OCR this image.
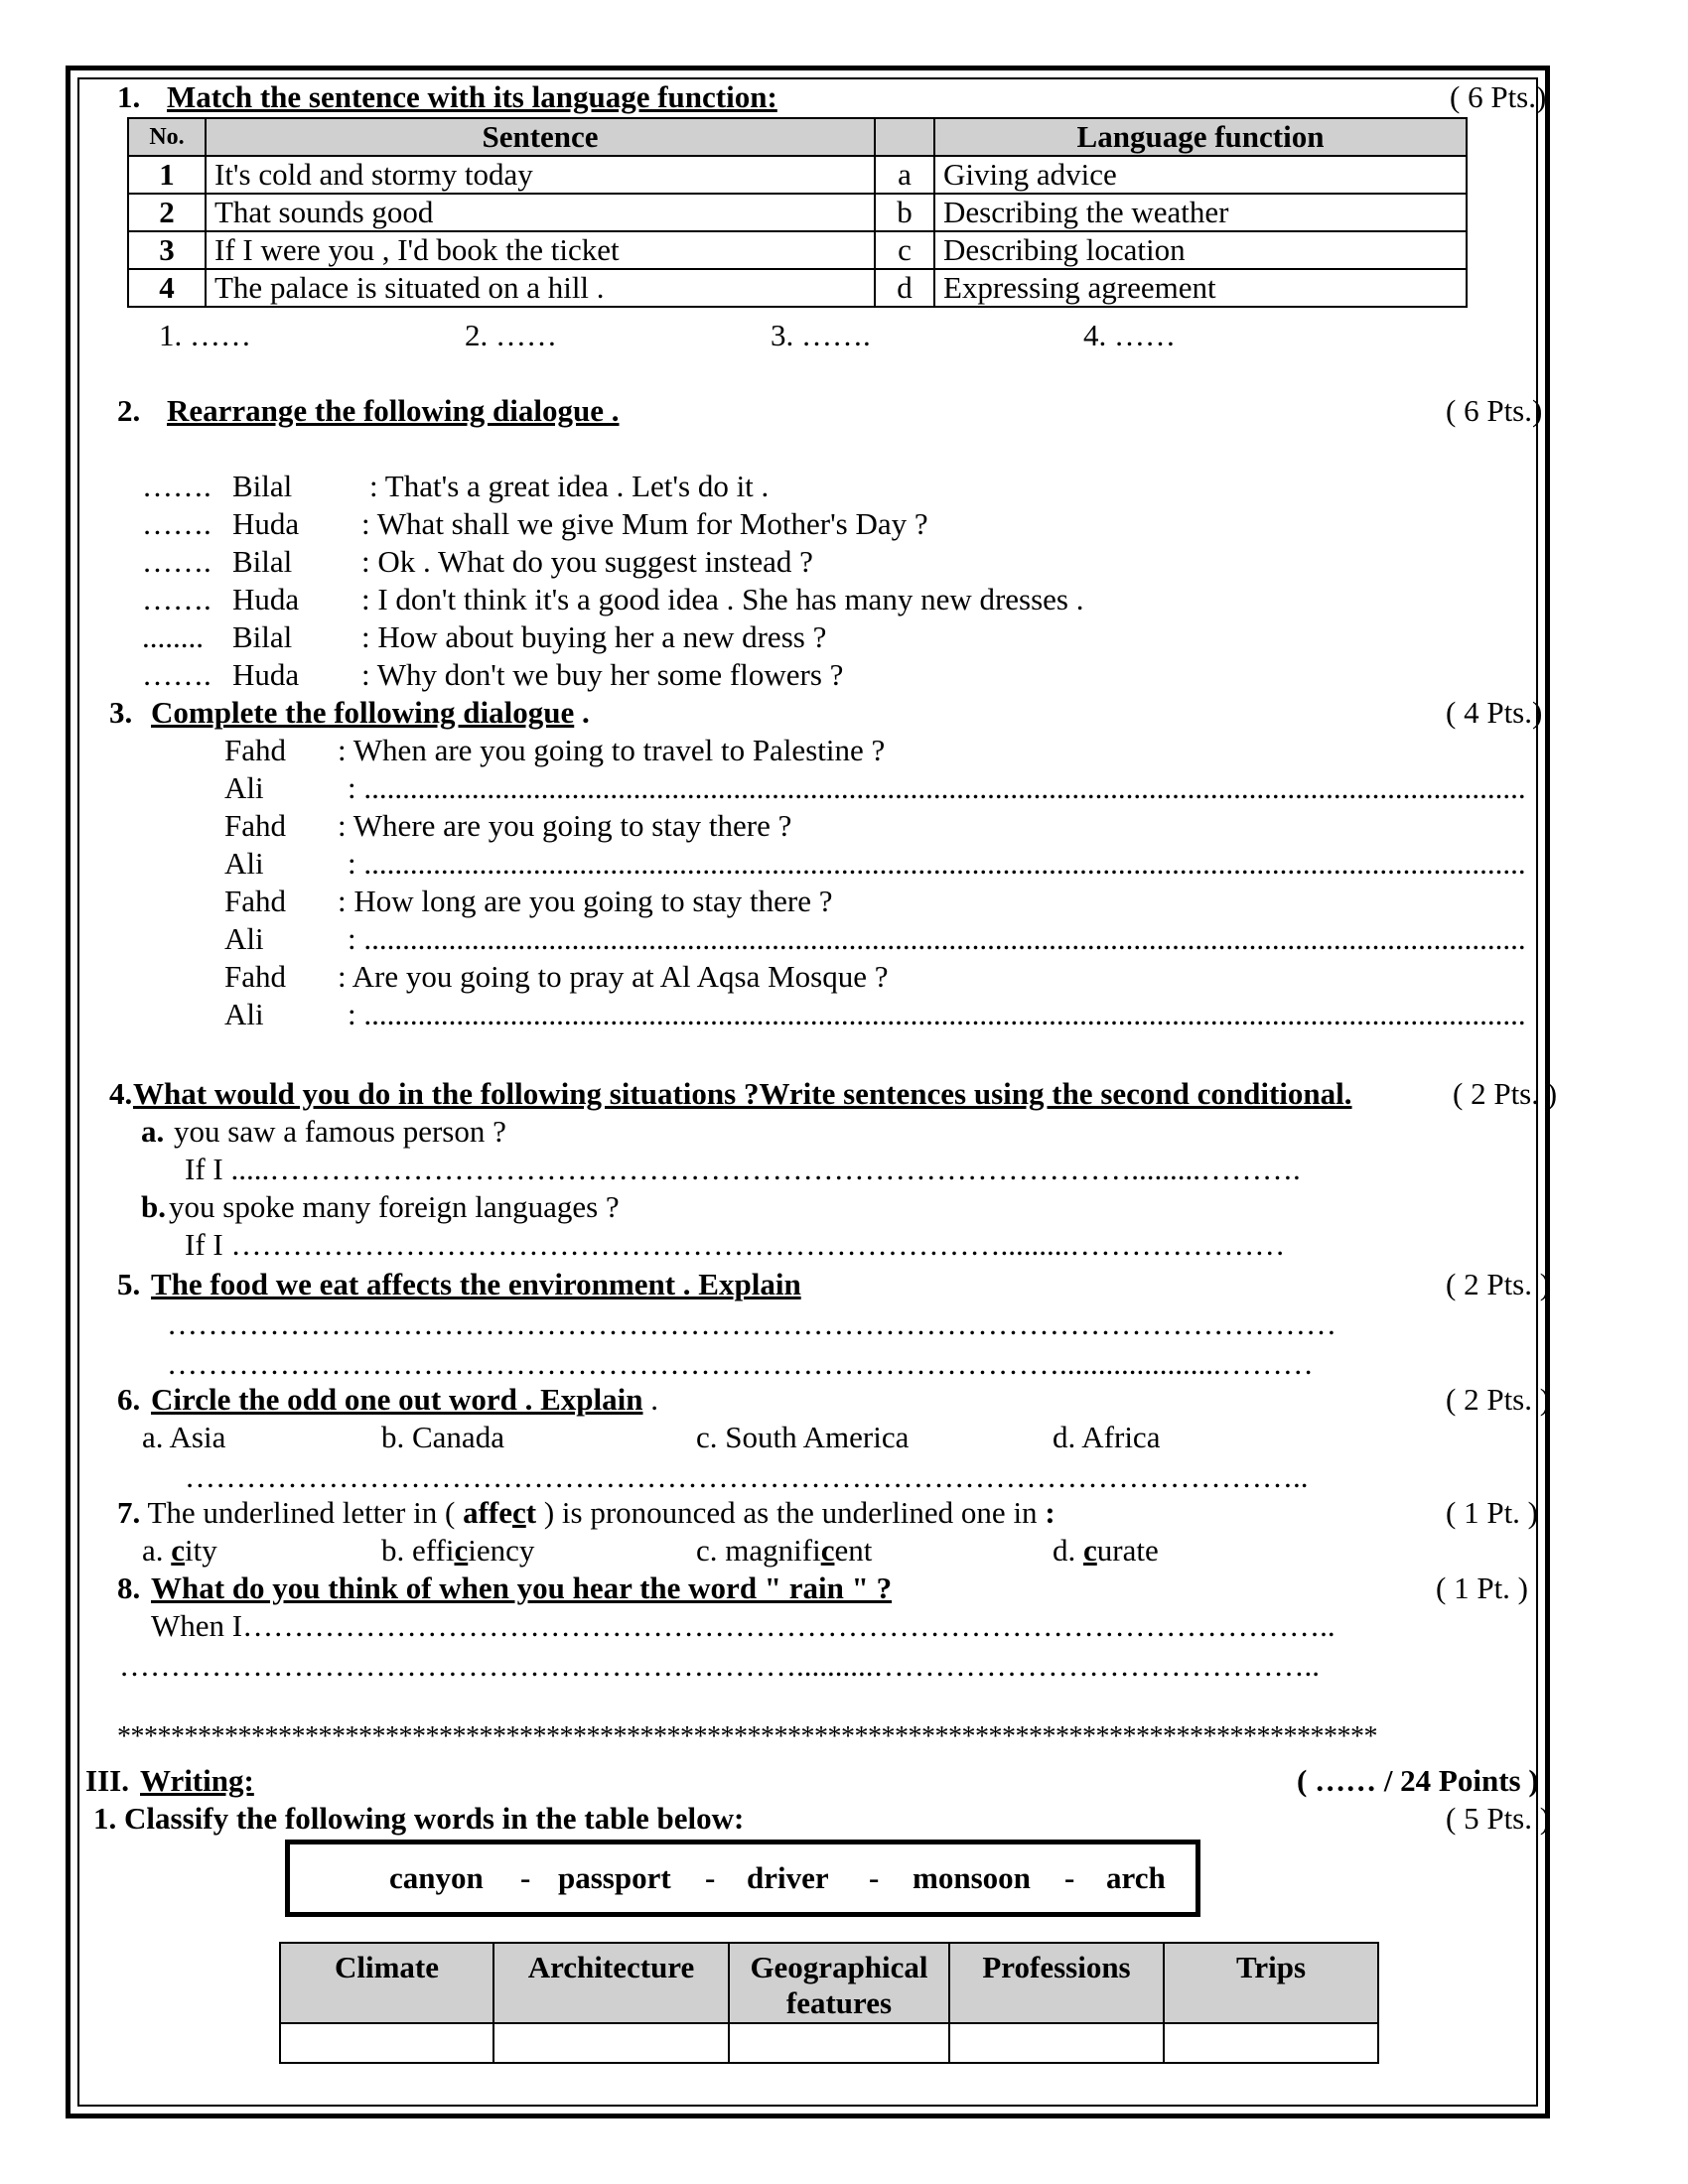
1. Match the sentence with its language function:	( 6 Pts.)
No.	Sentence		Language function
1	It's cold and stormy today	a	Giving advice
2	That sounds good	b	Describing the weather
3	If I were you , I'd book the ticket	c	Describing location
4	The palace is situated on a hill .	d	Expressing agreement
1. ……	2. ……	3. …….	4. ……
2. Rearrange the following dialogue .	( 6 Pts.)
……. Bilal	: That's a great idea . Let's do it .
……. Huda : What shall we give Mum for Mother's Day ?
……. Bilal : Ok . What do you suggest instead ?
……. Huda : I don't think it's a good idea . She has many new dresses .
........ Bilal : How about buying her a new dress ?
……. Huda : Why don't we buy her some flowers ?
3. Complete the following dialogue .	( 4 Pts.)
Fahd : When are you going to travel to Palestine ?
Ali	: .......................................................................................................................................................
Fahd : Where are you going to stay there ?
Ali	: .......................................................................................................................................................
Fahd : How long are you going to stay there ?
Ali	: .......................................................................................................................................................
Fahd : Are you going to pray at Al Aqsa Mosque ?
Ali	: .......................................................................................................................................................
4. What would you do in the following situations ?Write sentences using the second conditional.	( 2 Pts. )
a. you saw a famous person ?
If I .....………………………………………………………………………….........……….
b. you spoke many foreign languages ?
If I ………………………………………………………………….........…………………
5. The food we eat affects the environment . Explain	( 2 Pts. )
……………………………………………………………………………………………………
…………………………………………………………………………….....................………
6. Circle the odd one out word . Explain .	( 2 Pts. )
a. Asia	b. Canada	c. South America	d. Africa
………………………………………………………………………………………………..
7. The underlined letter in ( affect ) is pronounced as the underlined one in :	( 1 Pt. )
a. city	b. efficiency	c. magnificent	d. curate
8. What do you think of when you hear the word " rain " ?	( 1 Pt. )
When I……………………………………………………………………………………………..
…………………………………………………………..........……………………………………..
**********************************************************************************************
III. Writing:	( …… / 24 Points )
1. Classify the following words in the table below:	( 5 Pts. )
canyon - passport - driver - monsoon - arch
Climate	Architecture	Geographical features	Professions	Trips
